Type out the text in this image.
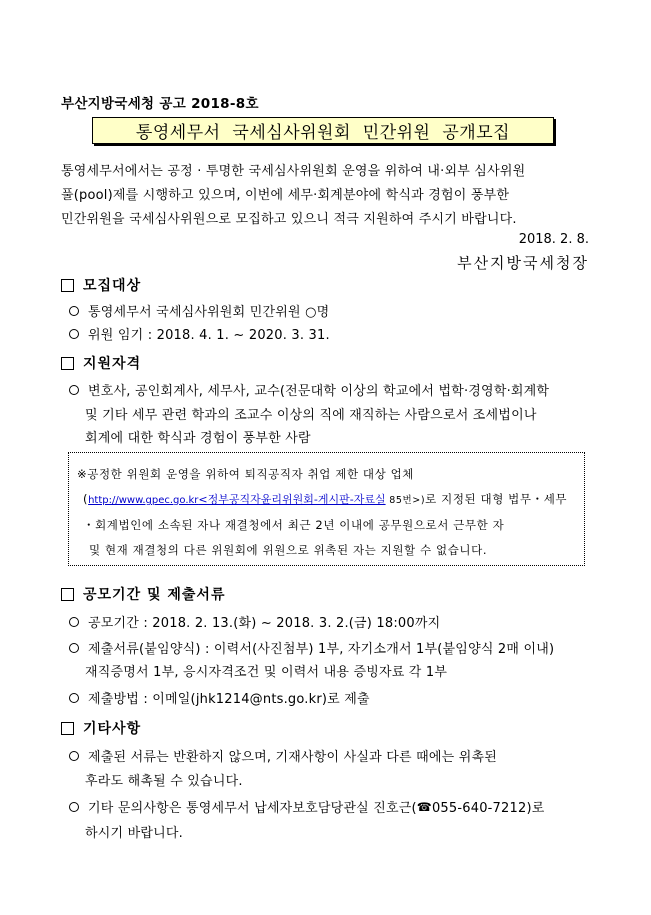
부산지방국세청 공고 2018-8호
통영세무서 국세심사위원회 민간위원 공개모집
통영세무서에서는 공정 · 투명한 국세심사위원회 운영을 위하여 내·외부 심사위원
풀(pool)제를 시행하고 있으며, 이번에 세무·회계분야에 학식과 경험이 풍부한
민간위원을 국세심사위원으로 모집하고 있으니 적극 지원하여 주시기 바랍니다.
2018. 2. 8.
부산지방국세청장
모집대상
통영세무서 국세심사위원회 민간위원 ○명
위원 임기 : 2018. 4. 1. ~ 2020. 3. 31.
지원자격
변호사, 공인회계사, 세무사, 교수(전문대학 이상의 학교에서 법학·경영학·회계학
및 기타 세무 관련 학과의 조교수 이상의 직에 재직하는 사람으로서 조세법이나
회계에 대한 학식과 경험이 풍부한 사람
※공정한 위원회 운영을 위하여 퇴직공직자 취업 제한 대상 업체
(http://www.gpec.go.kr<정부공직자윤리위원회-게시판-자료실 85번>)로 지정된 대형 법무・세무
・회계법인에 소속된 자나 재결청에서 최근 2년 이내에 공무원으로서 근무한 자
및 현재 재결청의 다른 위원회에 위원으로 위촉된 자는 지원할 수 없습니다.
공모기간 및 제출서류
공모기간 : 2018. 2. 13.(화) ~ 2018. 3. 2.(금) 18:00까지
제출서류(붙임양식) : 이력서(사진첨부) 1부, 자기소개서 1부(붙임양식 2매 이내)
재직증명서 1부, 응시자격조건 및 이력서 내용 증빙자료 각 1부
제출방법 : 이메일(jhk1214@nts.go.kr)로 제출
기타사항
제출된 서류는 반환하지 않으며, 기재사항이 사실과 다른 때에는 위촉된
후라도 해촉될 수 있습니다.
기타 문의사항은 통영세무서 납세자보호담당관실 진호근( ☎ 055-640-7212)로
하시기 바랍니다.
